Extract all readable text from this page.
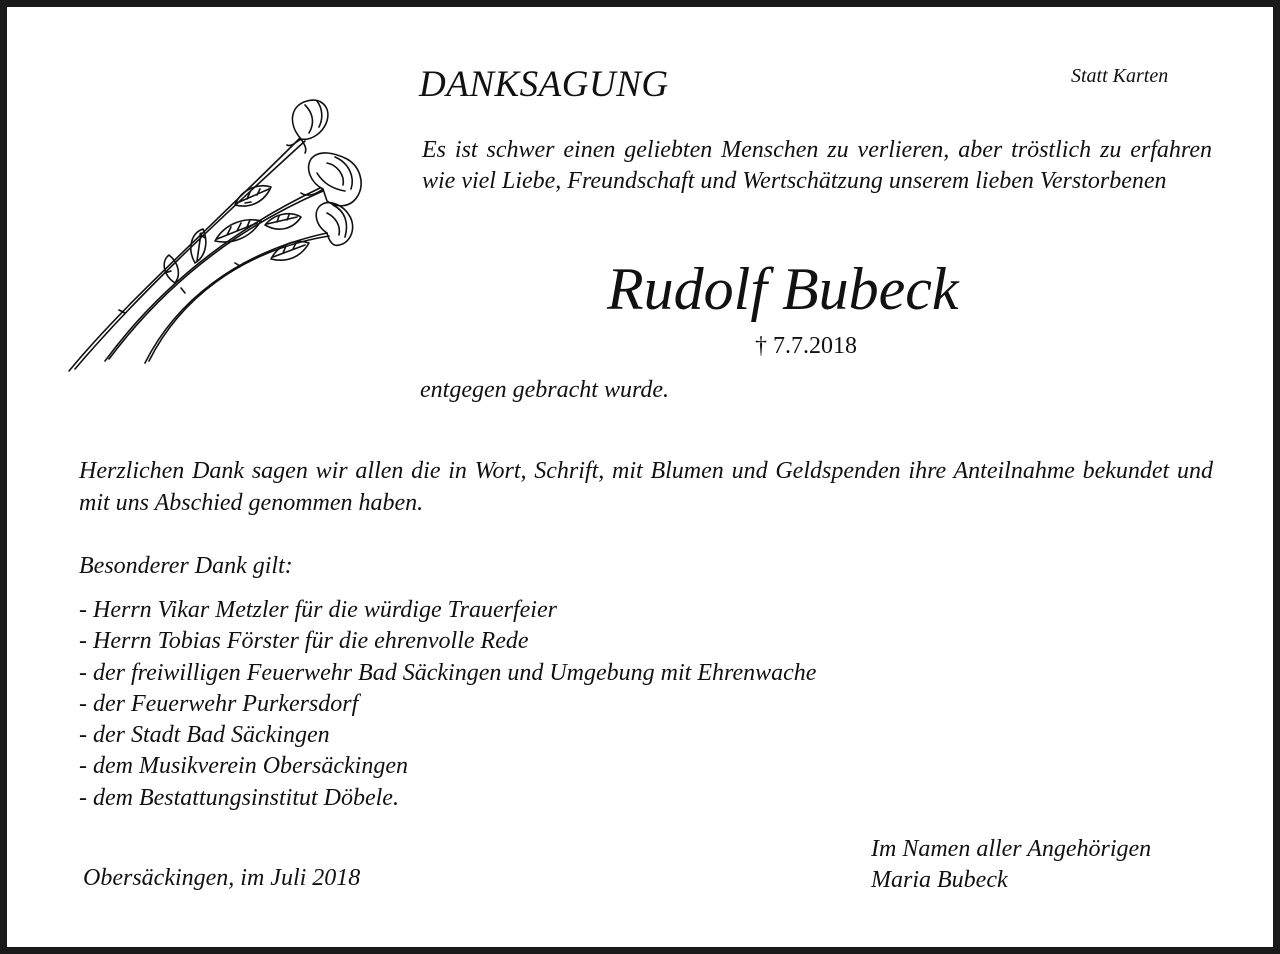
DANKSAGUNG	Statt Karten
Es ist schwer einen geliebten Menschen zu verlieren, aber tröstlich zu erfahren wie viel Liebe, Freundschaft und Wertschätzung unserem lieben Verstorbenen
Rudolf Bubeck
† 7.7.2018
entgegen gebracht wurde.
Herzlichen Dank sagen wir allen die in Wort, Schrift, mit Blumen und Geldspenden ihre Anteilnahme bekundet und mit uns Abschied genommen haben.
Besonderer Dank gilt:
- Herrn Vikar Metzler für die würdige Trauerfeier
- Herrn Tobias Förster für die ehrenvolle Rede
- der freiwilligen Feuerwehr Bad Säckingen und Umgebung mit Ehrenwache
- der Feuerwehr Purkersdorf
- der Stadt Bad Säckingen
- dem Musikverein Obersäckingen
- dem Bestattungsinstitut Döbele.
Obersäckingen, im Juli 2018
Im Namen aller Angehörigen
Maria Bubeck
